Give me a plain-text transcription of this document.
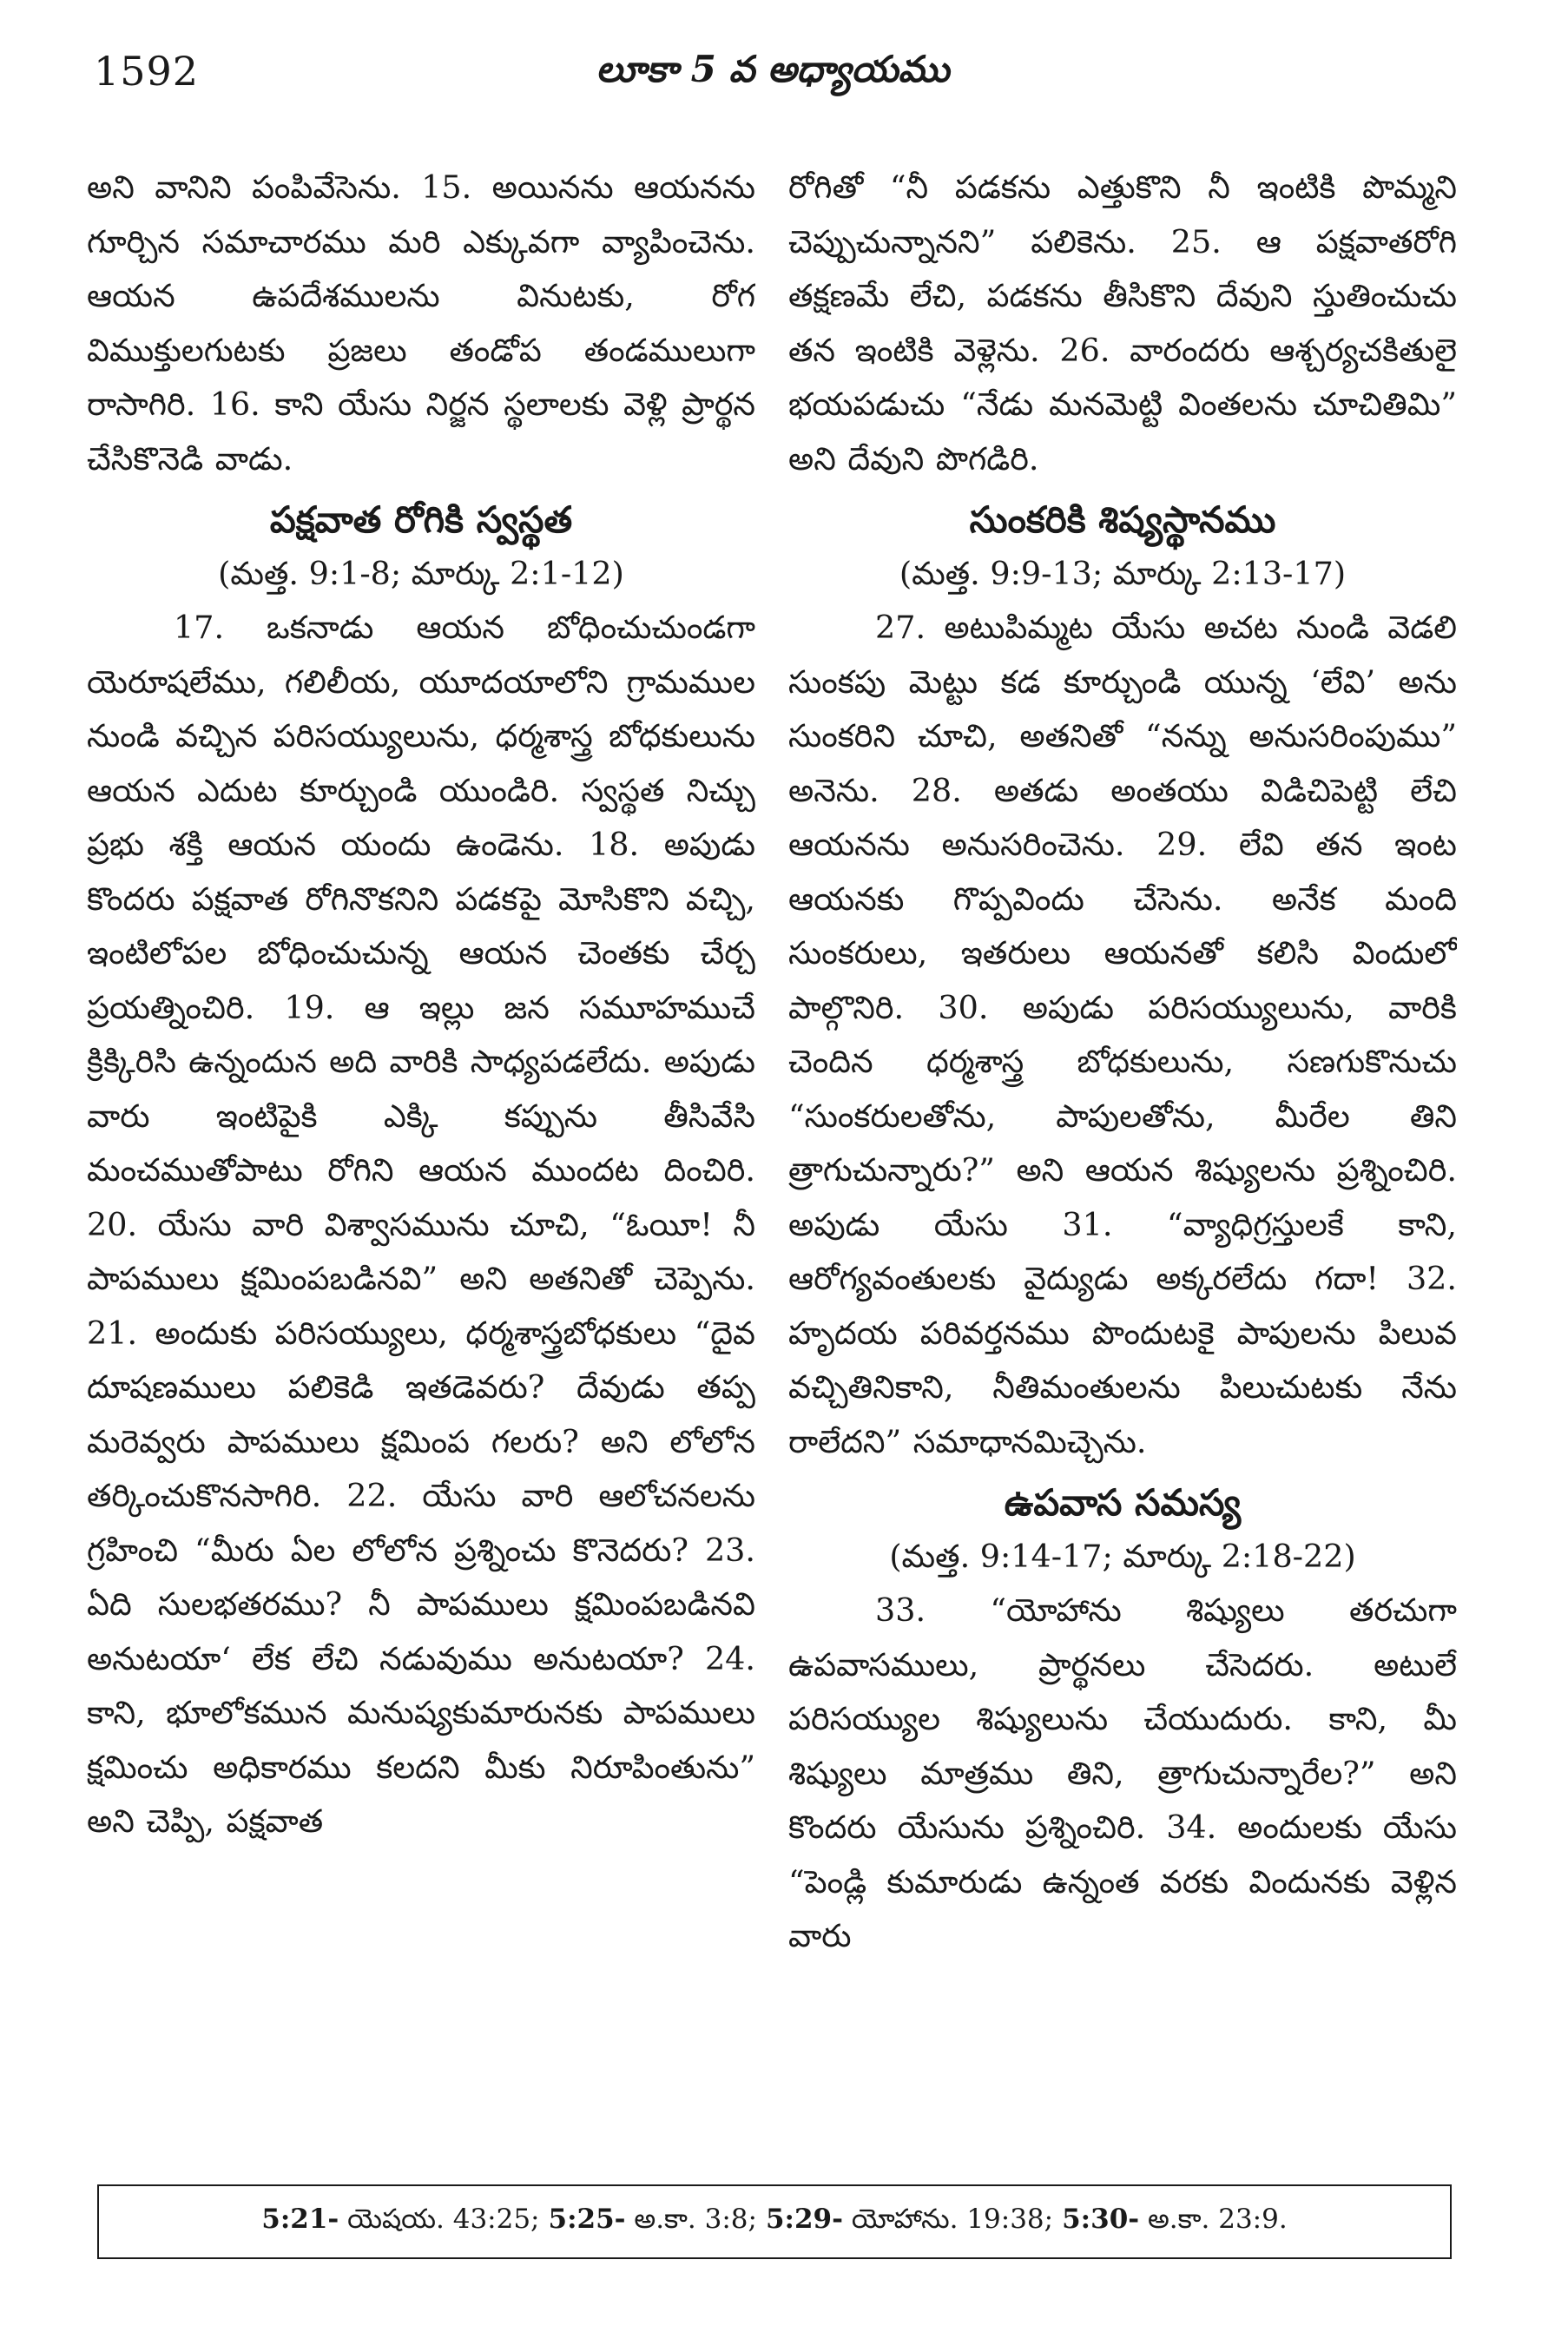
1592	లూకా 5 వ అధ్యాయము

అని వానిని పంపివేసెను. 15. అయినను ఆయనను గూర్చిన సమాచారము మరి ఎక్కువగా వ్యాపించెను. ఆయన ఉపదేశములను వినుటకు, రోగ విముక్తులగుటకు ప్రజలు తండోప తండములుగా రాసాగిరి. 16. కాని యేసు నిర్జన స్థలాలకు వెళ్లి ప్రార్థన చేసికొనెడి వాడు.

పక్షవాత రోగికి స్వస్థత

(మత్త. 9:1-8; మార్కు 2:1-12)

17. ఒకనాడు ఆయన బోధించుచుండగా యెరూషలేము, గలిలీయ, యూదయాలోని గ్రామముల నుండి వచ్చిన పరిసయ్యులును, ధర్మశాస్త్ర బోధకులును ఆయన ఎదుట కూర్చుండి యుండిరి. స్వస్థత నిచ్చు ప్రభు శక్తి ఆయన యందు ఉండెను. 18. అపుడు కొందరు పక్షవాత రోగినొకనిని పడకపై మోసికొని వచ్చి, ఇంటిలోపల బోధించుచున్న ఆయన చెంతకు చేర్చ ప్రయత్నించిరి. 19. ఆ ఇల్లు జన సమూహముచే క్రిక్కిరిసి ఉన్నందున అది వారికి సాధ్యపడలేదు. అపుడు వారు ఇంటిపైకి ఎక్కి కప్పును తీసివేసి మంచముతోపాటు రోగిని ఆయన ముందట దించిరి. 20. యేసు వారి విశ్వాసమును చూచి, “ఓయీ! నీ పాపములు క్షమింపబడినవి” అని అతనితో చెప్పెను. 21. అందుకు పరిసయ్యులు, ధర్మశాస్త్రబోధకులు “దైవ దూషణములు పలికెడి ఇతడెవరు? దేవుడు తప్ప మరెవ్వరు పాపములు క్షమింప గలరు? అని లోలోన తర్కించుకొనసాగిరి. 22. యేసు వారి ఆలోచనలను గ్రహించి “మీరు ఏల లోలోన ప్రశ్నించు కొనెదరు? 23. ఏది సులభతరము? నీ పాపములు క్షమింపబడినవి అనుటయా‘ లేక లేచి నడువుము అనుటయా? 24. కాని, భూలోకమున మనుష్యకుమారునకు పాపములు క్షమించు అధికారము కలదని మీకు నిరూపింతును” అని చెప్పి, పక్షవాత

రోగితో “నీ పడకను ఎత్తుకొని నీ ఇంటికి పొమ్మని చెప్పుచున్నానని” పలికెను. 25. ఆ పక్షవాతరోగి తక్షణమే లేచి, పడకను తీసికొని దేవుని స్తుతించుచు తన ఇంటికి వెళ్లెను. 26. వారందరు ఆశ్చర్యచకితులై భయపడుచు “నేడు మనమెట్టి వింతలను చూచితిమి” అని దేవుని పొగడిరి.

సుంకరికి శిష్యస్థానము

(మత్త. 9:9-13; మార్కు 2:13-17)

27. అటుపిమ్మట యేసు అచట నుండి వెడలి సుంకపు మెట్టు కడ కూర్చుండి యున్న ‘లేవి’ అను సుంకరిని చూచి, అతనితో “నన్ను అనుసరింపుము” అనెను. 28. అతడు అంతయు విడిచిపెట్టి లేచి ఆయనను అనుసరించెను. 29. లేవి తన ఇంట ఆయనకు గొప్పవిందు చేసెను. అనేక మంది సుంకరులు, ఇతరులు ఆయనతో కలిసి విందులో పాల్గొనిరి. 30. అపుడు పరిసయ్యులును, వారికి చెందిన ధర్మశాస్త్ర బోధకులును, సణగుకొనుచు “సుంకరులతోను, పాపులతోను, మీరేల తిని త్రాగుచున్నారు?” అని ఆయన శిష్యులను ప్రశ్నించిరి. అపుడు యేసు 31. “వ్యాధిగ్రస్తులకే కాని, ఆరోగ్యవంతులకు వైద్యుడు అక్కరలేదు గదా! 32. హృదయ పరివర్తనము పొందుటకై పాపులను పిలువ వచ్చితినికాని, నీతిమంతులను పిలుచుటకు నేను రాలేదని” సమాధానమిచ్చెను.

ఉపవాస సమస్య

(మత్త. 9:14-17; మార్కు 2:18-22)

33. “యోహాను శిష్యులు తరచుగా ఉపవాసములు, ప్రార్థనలు చేసెదరు. అటులే పరిసయ్యుల శిష్యులును చేయుదురు. కాని, మీ శిష్యులు మాత్రము తిని, త్రాగుచున్నారేల?” అని కొందరు యేసును ప్రశ్నించిరి. 34. అందులకు యేసు “పెండ్లి కుమారుడు ఉన్నంత వరకు విందునకు వెళ్లిన వారు

5:21- యెషయ. 43:25; 5:25- అ.కా. 3:8; 5:29- యోహాను. 19:38; 5:30- అ.కా. 23:9.
